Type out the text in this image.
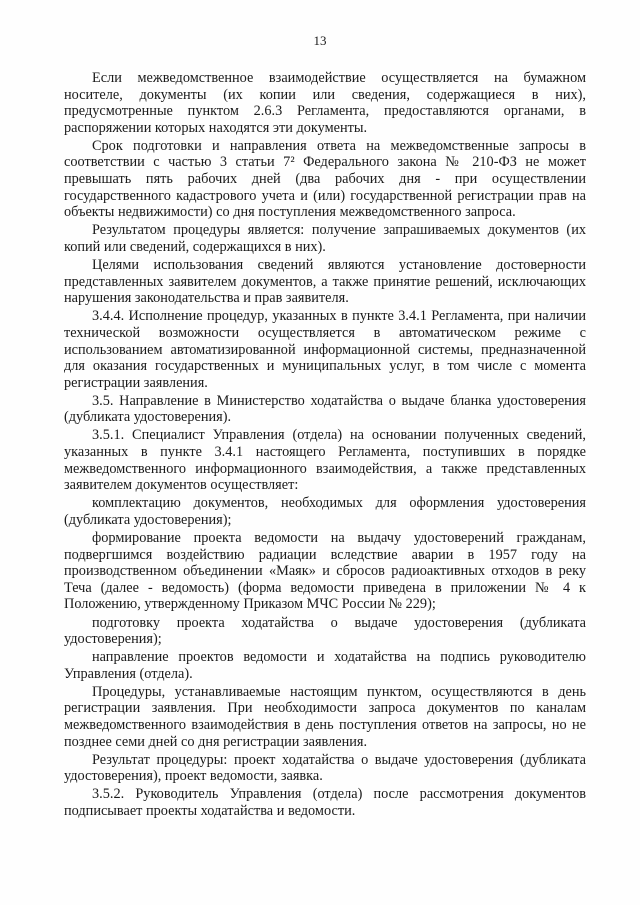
13

Если межведомственное взаимодействие осуществляется на бумажном носителе, документы (их копии или сведения, содержащиеся в них), предусмотренные пунктом 2.6.3 Регламента, предоставляются органами, в распоряжении которых находятся эти документы.

Срок подготовки и направления ответа на межведомственные запросы в соответствии с частью 3 статьи 7² Федерального закона № 210-ФЗ не может превышать пять рабочих дней (два рабочих дня - при осуществлении государственного кадастрового учета и (или) государственной регистрации прав на объекты недвижимости) со дня поступления межведомственного запроса.

Результатом процедуры является: получение запрашиваемых документов (их копий или сведений, содержащихся в них).

Целями использования сведений являются установление достоверности представленных заявителем документов, а также принятие решений, исключающих нарушения законодательства и прав заявителя.

3.4.4. Исполнение процедур, указанных в пункте 3.4.1 Регламента, при наличии технической возможности осуществляется в автоматическом режиме с использованием автоматизированной информационной системы, предназначенной для оказания государственных и муниципальных услуг, в том числе с момента регистрации заявления.

3.5. Направление в Министерство ходатайства о выдаче бланка удостоверения (дубликата удостоверения).

3.5.1. Специалист Управления (отдела) на основании полученных сведений, указанных в пункте 3.4.1 настоящего Регламента, поступивших в порядке межведомственного информационного взаимодействия, а также представленных заявителем документов осуществляет:

комплектацию документов, необходимых для оформления удостоверения (дубликата удостоверения);

формирование проекта ведомости на выдачу удостоверений гражданам, подвергшимся воздействию радиации вследствие аварии в 1957 году на производственном объединении «Маяк» и сбросов радиоактивных отходов в реку Теча (далее - ведомость) (форма ведомости приведена в приложении № 4 к Положению, утвержденному Приказом МЧС России № 229);

подготовку проекта ходатайства о выдаче удостоверения (дубликата удостоверения);

направление проектов ведомости и ходатайства на подпись руководителю Управления (отдела).

Процедуры, устанавливаемые настоящим пунктом, осуществляются в день регистрации заявления. При необходимости запроса документов по каналам межведомственного взаимодействия в день поступления ответов на запросы, но не позднее семи дней со дня регистрации заявления.

Результат процедуры: проект ходатайства о выдаче удостоверения (дубликата удостоверения), проект ведомости, заявка.

3.5.2. Руководитель Управления (отдела) после рассмотрения документов подписывает проекты ходатайства и ведомости.
